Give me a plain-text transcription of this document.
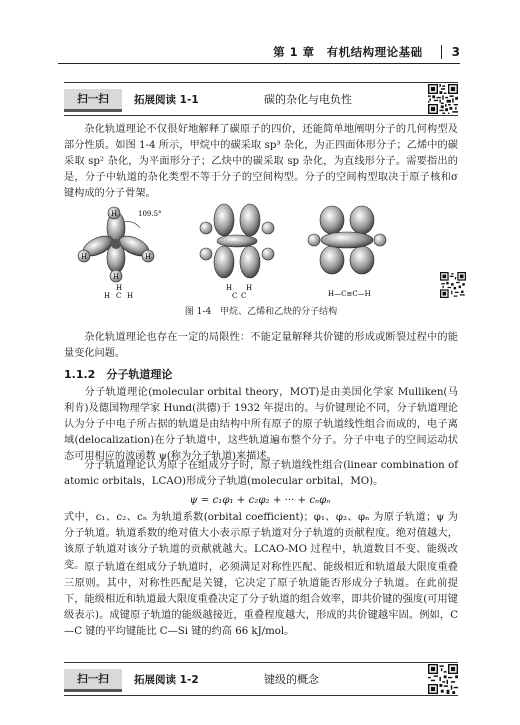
第 1 章　有机结构理论基础 3
扫一扫	拓展阅读 1-1	碳的杂化与电负性
杂化轨道理论不仅很好地解释了碳原子的四价，还能简单地阐明分子的几何构型及部分性质。如图 1-4 所示，甲烷中的碳采取 sp³ 杂化，为正四面体形分子；乙烯中的碳采取 sp² 杂化，为平面形分子；乙炔中的碳采取 sp 杂化，为直线形分子。需要指出的是，分子中轨道的杂化类型不等于分子的空间构型。分子的空间构型取决于原子核和σ键构成的分子骨架。
109.5°
H
H	H
H
H
H C H
H H
C C	H—C≡C—H
图 1-4　甲烷、乙烯和乙炔的分子结构
杂化轨道理论也存在一定的局限性：不能定量解释共价键的形成或断裂过程中的能量变化问题。
1.1.2　分子轨道理论
分子轨道理论(molecular orbital theory，MOT)是由美国化学家 Mulliken(马利肯)及德国物理学家 Hund(洪德)于 1932 年提出的。与价键理论不同，分子轨道理论认为分子中电子所占据的轨道是由结构中所有原子的原子轨道线性组合而成的，电子离域(delocalization)在分子轨道中，这些轨道遍布整个分子。分子中电子的空间运动状态可用相应的波函数 ψ(称为分子轨道)来描述。
分子轨道理论认为原子在组成分子时，原子轨道线性组合(linear combination of atomic orbitals，LCAO)形成分子轨道(molecular orbital，MO)。
ψ = c₁φ₁ + c₂φ₂ + ··· + cₙφₙ
式中，c₁、c₂、cₙ 为轨道系数(orbital coefficient)；φ₁、φ₂、φₙ 为原子轨道；ψ 为分子轨道。轨道系数的绝对值大小表示原子轨道对分子轨道的贡献程度。绝对值越大，该原子轨道对该分子轨道的贡献就越大。LCAO-MO 过程中，轨道数目不变、能级改变。 原子轨道在组成分子轨道时，必须满足对称性匹配、能级相近和轨道最大限度重叠三原则。其中，对称性匹配是关键，它决定了原子轨道能否形成分子轨道。在此前提下，能级相近和轨道最大限度重叠决定了分子轨道的组合效率，即共价键的强度(可用键级表示)。成键原子轨道的能级越接近，重叠程度越大，形成的共价键越牢固。例如，C—C 键的平均键能比 C—Si 键的约高 66 kJ/mol。
扫一扫	拓展阅读 1-2	键级的概念
